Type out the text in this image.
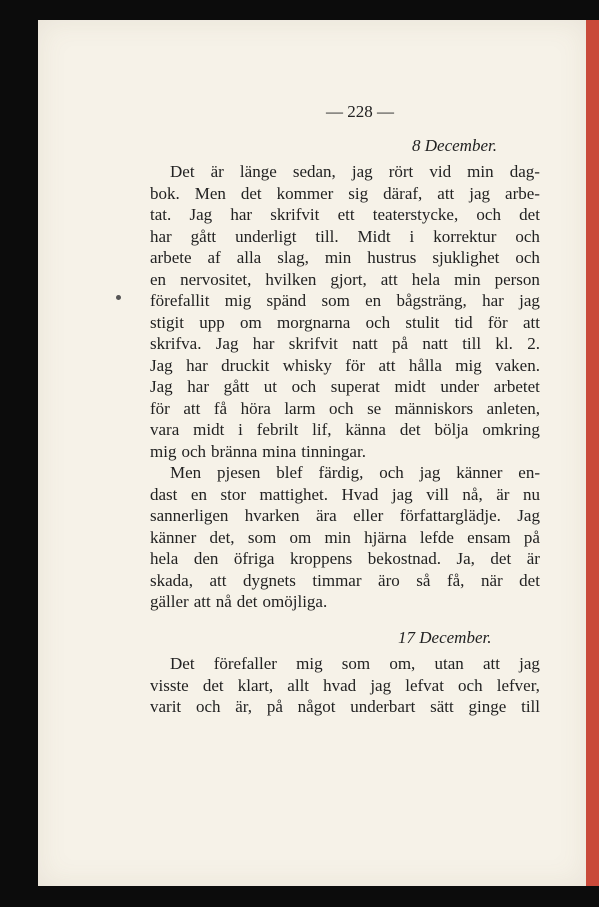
— 228 —
8 December.
Det är länge sedan, jag rört vid min dag-
bok. Men det kommer sig däraf, att jag arbe-
tat. Jag har skrifvit ett teaterstycke, och det
har gått underligt till. Midt i korrektur och
arbete af alla slag, min hustrus sjuklighet och
en nervositet, hvilken gjort, att hela min person
förefallit mig spänd som en bågsträng, har jag
stigit upp om morgnarna och stulit tid för att
skrifva. Jag har skrifvit natt på natt till kl. 2.
Jag har druckit whisky för att hålla mig vaken.
Jag har gått ut och superat midt under arbetet
för att få höra larm och se människors anleten,
vara midt i febrilt lif, känna det bölja omkring
mig och bränna mina tinningar.
Men pjesen blef färdig, och jag känner en-
dast en stor mattighet. Hvad jag vill nå, är nu
sannerligen hvarken ära eller författarglädje. Jag
känner det, som om min hjärna lefde ensam på
hela den öfriga kroppens bekostnad. Ja, det är
skada, att dygnets timmar äro så få, när det
gäller att nå det omöjliga.
17 December.
Det förefaller mig som om, utan att jag
visste det klart, allt hvad jag lefvat och lefver,
varit och är, på något underbart sätt ginge till
